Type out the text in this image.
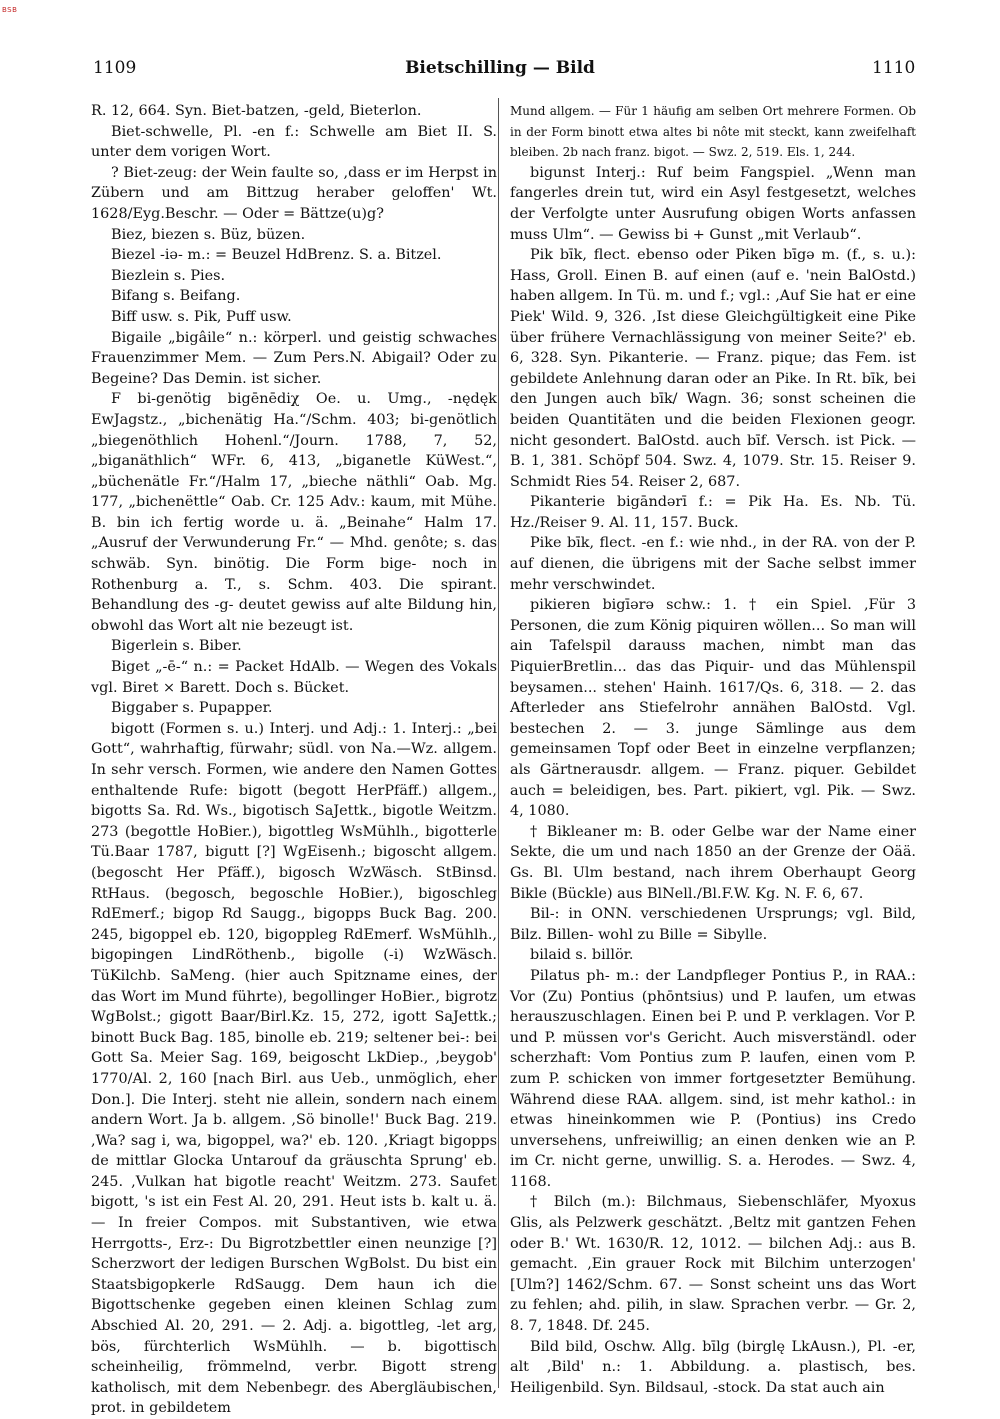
BSB
1109	Bietschilling — Bild	1110

R. 12, 664. Syn. Biet-batzen, -geld, Bieterlon.

Biet-schwelle, Pl. -en f.: Schwelle am Biet II. S. unter dem vorigen Wort.

? Biet-zeug: der Wein faulte so, ,dass er im Herpst in Zübern und am Bittzug heraber geloffen' Wt. 1628/Eyg.Beschr. — Oder = Bättze(u)g?

Biez, biezen s. Büz, büzen.

Biezel -iə- m.: = Beuzel HdBrenz. S. a. Bitzel.

Biezlein s. Pies.

Bifang s. Beifang.

Biff usw. s. Pik, Puff usw.

Bigaile „bigâile“ n.: körperl. und geistig schwaches Frauenzimmer Mem. — Zum Pers.N. Abigail? Oder zu Begeine? Das Demin. ist sicher.

F bi-genötig bigēnēdiχ Oe. u. Umg., -nędęk EwJagstz., „bichenätig Ha.“/Schm. 403; bi-genötlich „biegenöthlich Hohenl.“/Journ. 1788, 7, 52, „biganäthlich“ WFr. 6, 413, „biganetle KüWest.“, „büchenätle Fr.“/Halm 17, „bieche näthli“ Oab. Mg. 177, „bichenëttle“ Oab. Cr. 125 Adv.: kaum, mit Mühe. B. bin ich fertig worde u. ä. „Beinahe“ Halm 17. „Ausruf der Verwunderung Fr.“ — Mhd. genôte; s. das schwäb. Syn. binötig. Die Form bige- noch in Rothenburg a. T., s. Schm. 403. Die spirant. Behandlung des -g- deutet gewiss auf alte Bildung hin, obwohl das Wort alt nie bezeugt ist.

Bigerlein s. Biber.

Biget „-ē-“ n.: = Packet HdAlb. — Wegen des Vokals vgl. Biret × Barett. Doch s. Bücket.

Biggaber s. Pupapper.

bigott (Formen s. u.) Interj. und Adj.: 1. Interj.: „bei Gott“, wahrhaftig, fürwahr; südl. von Na.—Wz. allgem. In sehr versch. Formen, wie andere den Namen Gottes enthaltende Rufe: bigott (begott HerPfäff.) allgem., bigotts Sa. Rd. Ws., bigotisch SaJettk., bigotle Weitzm. 273 (begottle HoBier.), bigottleg WsMühlh., bigotterle Tü.Baar 1787, bigutt [?] WgEisenh.; bigoscht allgem. (begoscht Her Pfäff.), bigosch WzWäsch. StBinsd. RtHaus. (begosch, begoschle HoBier.), bigoschleg RdEmerf.; bigop Rd Saugg., bigopps Buck Bag. 200. 245, bigoppel eb. 120, bigoppleg RdEmerf. WsMühlh., bigopingen LindRöthenb., bigolle (-i) WzWäsch. TüKilchb. SaMeng. (hier auch Spitzname eines, der das Wort im Mund führte), begollinger HoBier., bigrotz WgBolst.; gigott Baar/Birl.Kz. 15, 272, igott SaJettk.; binott Buck Bag. 185, binolle eb. 219; seltener bei-: bei Gott Sa. Meier Sag. 169, beigoscht LkDiep., ,beygob' 1770/Al. 2, 160 [nach Birl. aus Ueb., unmöglich, eher Don.]. Die Interj. steht nie allein, sondern nach einem andern Wort. Ja b. allgem. ,Sö binolle!' Buck Bag. 219. ,Wa? sag i, wa, bigoppel, wa?' eb. 120. ,Kriagt bigopps de mittlar Glocka Untarouf da gräuschta Sprung' eb. 245. ,Vulkan hat bigotle reacht' Weitzm. 273. Saufet bigott, 's ist ein Fest Al. 20, 291. Heut ists b. kalt u. ä. — In freier Compos. mit Substantiven, wie etwa Herrgotts-, Erz-: Du Bigrotzbettler einen neunzige [?] Scherzwort der ledigen Burschen WgBolst. Du bist ein Staatsbigopkerle RdSaugg. Dem haun ich die Bigottschenke gegeben einen kleinen Schlag zum Abschied Al. 20, 291. — 2. Adj. a. bigottleg, -let arg, bös, fürchterlich WsMühlh. — b. bigottisch scheinheilig, frömmelnd, verbr. Bigott streng katholisch, mit dem Nebenbegr. des Abergläubischen, prot. in gebildetem

Mund allgem. — Für 1 häufig am selben Ort mehrere Formen. Ob in der Form binott etwa altes bi nôte mit steckt, kann zweifelhaft bleiben. 2b nach franz. bigot. — Swz. 2, 519. Els. 1, 244.

bigunst Interj.: Ruf beim Fangspiel. „Wenn man fangerles drein tut, wird ein Asyl festgesetzt, welches der Verfolgte unter Ausrufung obigen Worts anfassen muss Ulm“. — Gewiss bi + Gunst „mit Verlaub“.

Pik bīk, flect. ebenso oder Piken bīgə m. (f., s. u.): Hass, Groll. Einen B. auf einen (auf e. 'nein BalOstd.) haben allgem. In Tü. m. und f.; vgl.: ,Auf Sie hat er eine Piek' Wild. 9, 326. ,Ist diese Gleichgültigkeit eine Pike über frühere Vernachlässigung von meiner Seite?' eb. 6, 328. Syn. Pikanterie. — Franz. pique; das Fem. ist gebildete Anlehnung daran oder an Pike. In Rt. bīk, bei den Jungen auch bīk/ Wagn. 36; sonst scheinen die beiden Quantitäten und die beiden Flexionen geogr. nicht gesondert. BalOstd. auch bīf. Versch. ist Pick. — B. 1, 381. Schöpf 504. Swz. 4, 1079. Str. 15. Reiser 9. Schmidt Ries 54. Reiser 2, 687.

Pikanterie bigāndərī f.: = Pik Ha. Es. Nb. Tü. Hz./Reiser 9. Al. 11, 157. Buck.

Pike bīk, flect. -en f.: wie nhd., in der RA. von der P. auf dienen, die übrigens mit der Sache selbst immer mehr verschwindet.

pikieren bigīərə schw.: 1. † ein Spiel. ,Für 3 Personen, die zum König piquiren wöllen... So man will ain Tafelspil darauss machen, nimbt man das PiquierBretlin... das das Piquir- und das Mühlenspil beysamen... stehen' Hainh. 1617/Qs. 6, 318. — 2. das Afterleder ans Stiefelrohr annähen BalOstd. Vgl. bestechen 2. — 3. junge Sämlinge aus dem gemeinsamen Topf oder Beet in einzelne verpflanzen; als Gärtnerausdr. allgem. — Franz. piquer. Gebildet auch = beleidigen, bes. Part. pikiert, vgl. Pik. — Swz. 4, 1080.

† Bikleaner m: B. oder Gelbe war der Name einer Sekte, die um und nach 1850 an der Grenze der Oää. Gs. Bl. Ulm bestand, nach ihrem Oberhaupt Georg Bikle (Bückle) aus BlNell./Bl.F.W. Kg. N. F. 6, 67.

Bil-: in ONN. verschiedenen Ursprungs; vgl. Bild, Bilz. Billen- wohl zu Bille = Sibylle.

bilaid s. billör.

Pilatus ph- m.: der Landpfleger Pontius P., in RAA.: Vor (Zu) Pontius (phōntsius) und P. laufen, um etwas herauszuschlagen. Einen bei P. und P. verklagen. Vor P. und P. müssen vor's Gericht. Auch misverständl. oder scherzhaft: Vom Pontius zum P. laufen, einen vom P. zum P. schicken von immer fortgesetzter Bemühung. Während diese RAA. allgem. sind, ist mehr kathol.: in etwas hineinkommen wie P. (Pontius) ins Credo unversehens, unfreiwillig; an einen denken wie an P. im Cr. nicht gerne, unwillig. S. a. Herodes. — Swz. 4, 1168.

† Bilch (m.): Bilchmaus, Siebenschläfer, Myoxus Glis, als Pelzwerk geschätzt. ,Beltz mit gantzen Fehen oder B.' Wt. 1630/R. 12, 1012. — bilchen Adj.: aus B. gemacht. ,Ein grauer Rock mit Bilchim unterzogen' [Ulm?] 1462/Schm. 67. — Sonst scheint uns das Wort zu fehlen; ahd. pilih, in slaw. Sprachen verbr. — Gr. 2, 8. 7, 1848. Df. 245.

Bild bild, Oschw. Allg. bīlg (birglę LkAusn.), Pl. -er, alt ,Bild' n.: 1. Abbildung. a. plastisch, bes. Heiligenbild. Syn. Bildsaul, -stock. Da stat auch ain
